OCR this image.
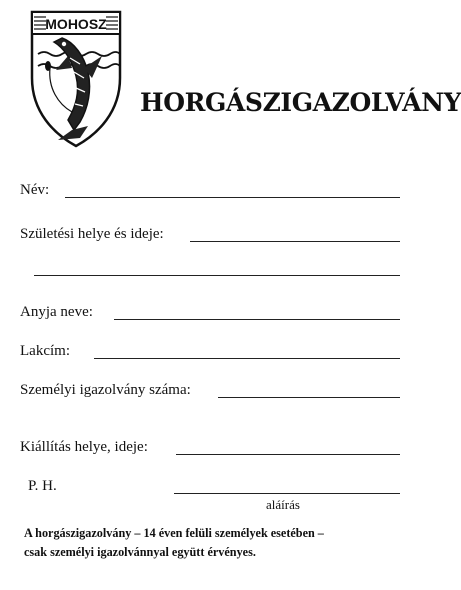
MOHOSZ
HORGÁSZIGAZOLVÁNY
Név:
Születési helye és ideje:
Anyja neve:
Lakcím:
Személyi igazolvány száma:
Kiállítás helye, ideje:
P. H.
aláírás
A horgászigazolvány – 14 éven felüli személyek esetében –
csak személyi igazolvánnyal együtt érvényes.
